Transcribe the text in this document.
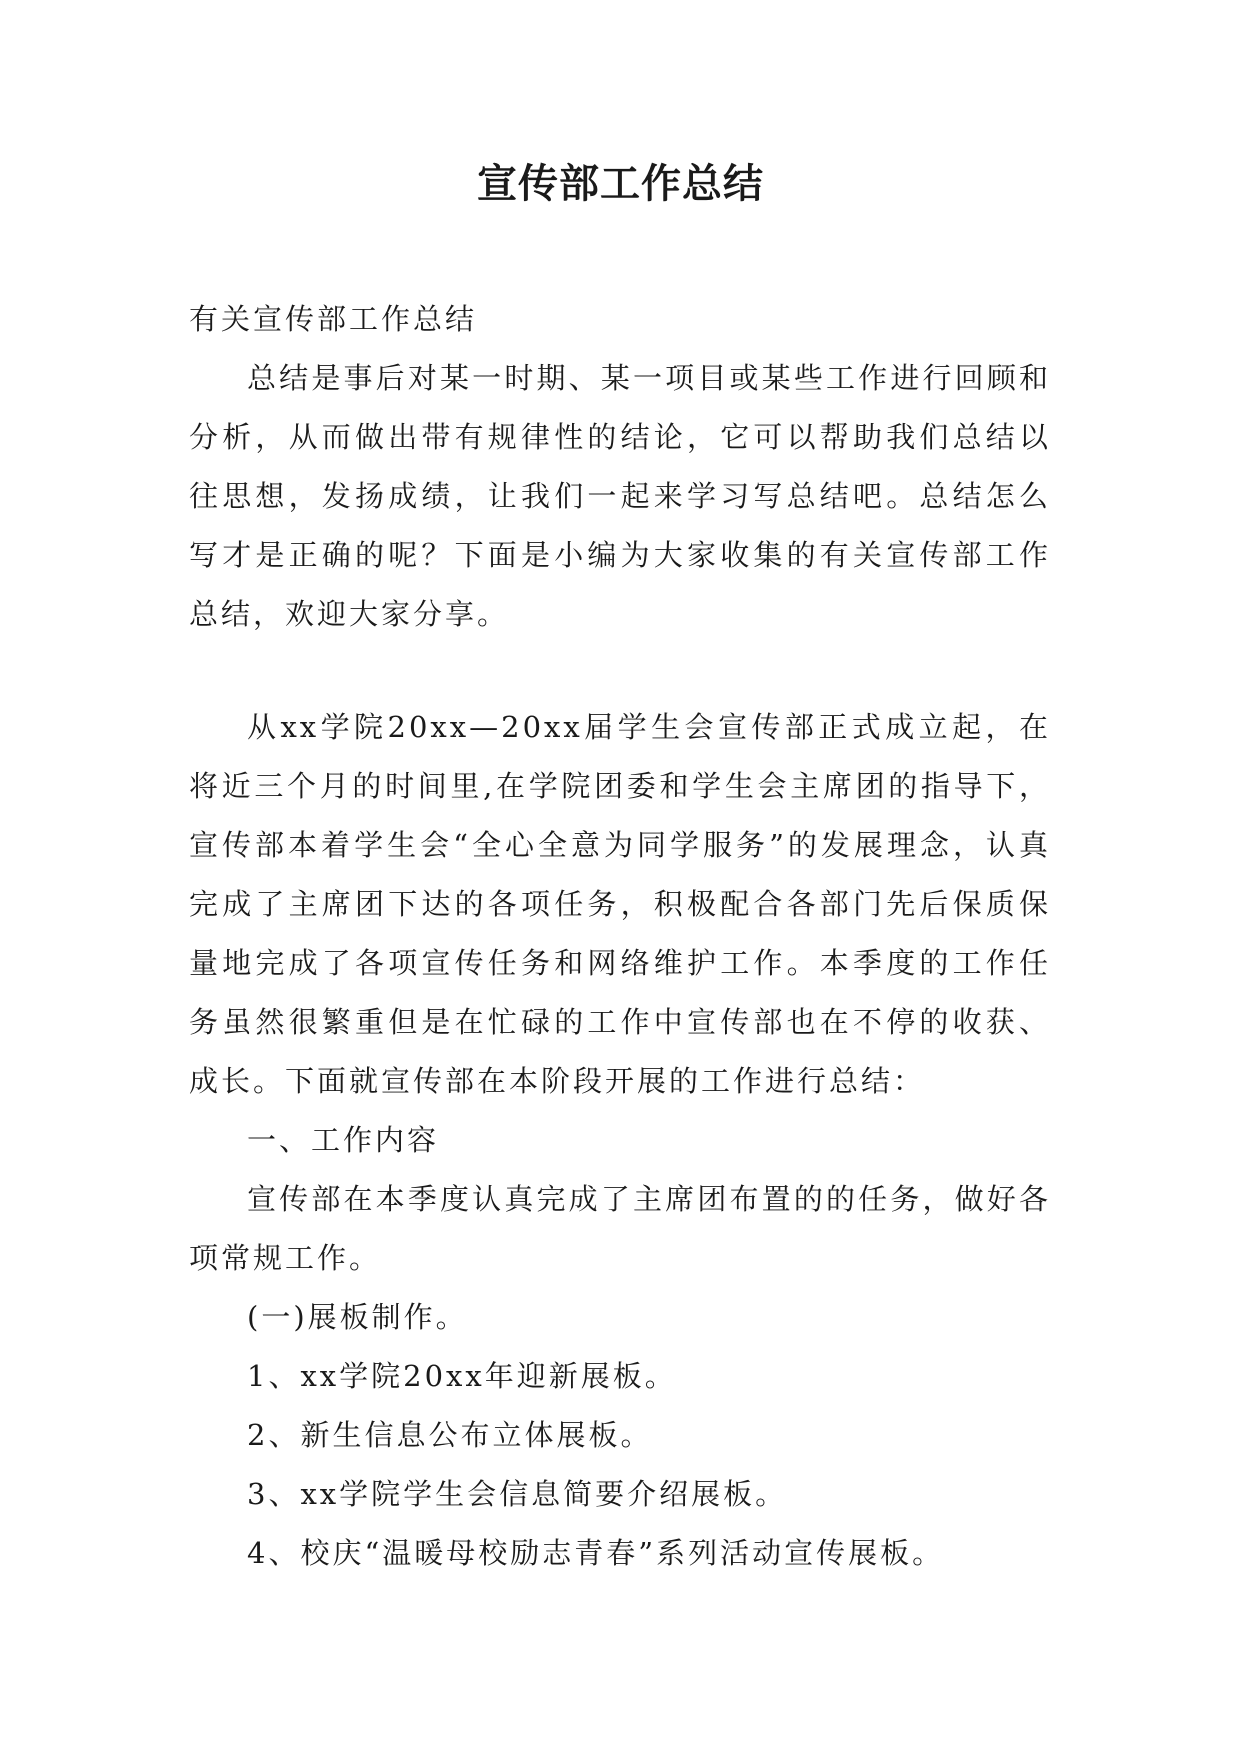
宣传部工作总结

有关宣传部工作总结

总结是事后对某一时期、某一项目或某些工作进行回顾和分析，从而做出带有规律性的结论，它可以帮助我们总结以往思想，发扬成绩，让我们一起来学习写总结吧。总结怎么写才是正确的呢？下面是小编为大家收集的有关宣传部工作总结，欢迎大家分享。

从xx学院20xx—20xx届学生会宣传部正式成立起，在将近三个月的时间里,在学院团委和学生会主席团的指导下，宣传部本着学生会“全心全意为同学服务”的发展理念，认真完成了主席团下达的各项任务，积极配合各部门先后保质保量地完成了各项宣传任务和网络维护工作。本季度的工作任务虽然很繁重但是在忙碌的工作中宣传部也在不停的收获、成长。下面就宣传部在本阶段开展的工作进行总结：

一、工作内容

宣传部在本季度认真完成了主席团布置的的任务，做好各项常规工作。

(一)展板制作。

1、xx学院20xx年迎新展板。

2、新生信息公布立体展板。

3、xx学院学生会信息简要介绍展板。

4、校庆“温暖母校励志青春”系列活动宣传展板。
